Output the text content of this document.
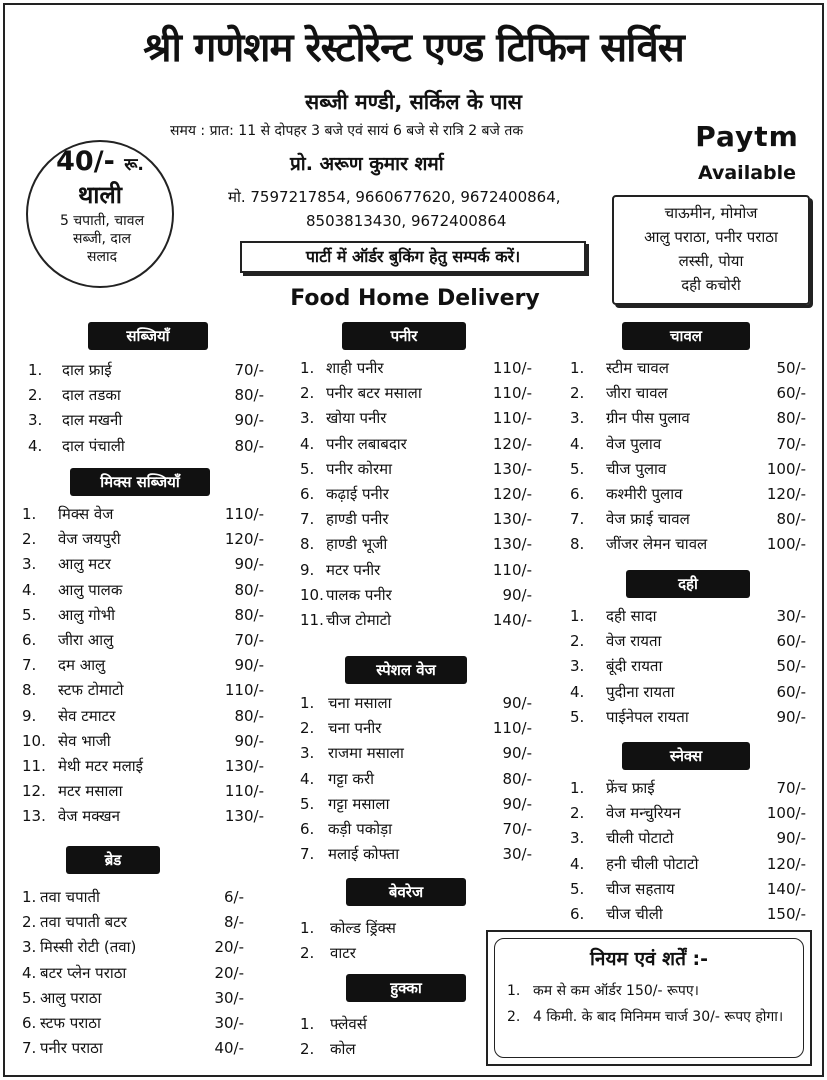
श्री गणेशम रेस्टोरेन्ट एण्ड टिफिन सर्विस
सब्जी मण्डी, सर्किल के पास
समय : प्रात: 11 से दोपहर 3 बजे एवं सायं 6 बजे से रात्रि 2 बजे तक	Paytm
Available
40/- रू.
थाली
5 चपाती, चावल
सब्जी, दाल
सलाद
प्रो. अरूण कुमार शर्मा
मो. 7597217854, 9660677620, 9672400864,
8503813430, 9672400864
पार्टी में ऑर्डर बुकिंग हेतु सम्पर्क करें।
चाऊमीन, मोमोज
आलु पराठा, पनीर पराठा
लस्सी, पोया
दही कचोरी
Food Home Delivery
सब्जियाँ
मिक्स सब्जियाँ
ब्रेड
पनीर
स्पेशल वेज
बेवरेज
हुक्का
चावल
दही
स्नेक्स
1. दाल फ्राई	70/-
2. दाल तडका	80/-
3. दाल मखनी	90/-
4. दाल पंचाली	80/-
1. मिक्स वेज	110/-
2. वेज जयपुरी	120/-
3. आलु मटर	90/-
4. आलु पालक	80/-
5. आलु गोभी	80/-
6. जीरा आलु	70/-
7. दम आलु	90/-
8. स्टफ टोमाटो	110/-
9. सेव टमाटर	80/-
10. सेव भाजी	90/-
11. मेथी मटर मलाई	130/-
12. मटर मसाला	110/-
13. वेज मक्खन	130/-
1. तवा चपाती	6/-
2. तवा चपाती बटर	8/-
3. मिस्सी रोटी (तवा)	20/-
4. बटर प्लेन पराठा	20/-
5. आलु पराठा	30/-
6. स्टफ पराठा	30/-
7. पनीर पराठा	40/-
1. शाही पनीर	110/-
2. पनीर बटर मसाला	110/-
3. खोया पनीर	110/-
4. पनीर लबाबदार	120/-
5. पनीर कोरमा	130/-
6. कढ़ाई पनीर	120/-
7. हाण्डी पनीर	130/-
8. हाण्डी भूजी	130/-
9. मटर पनीर	110/-
10. पालक पनीर	90/-
11. चीज टोमाटो	140/-
1. चना मसाला	90/-
2. चना पनीर	110/-
3. राजमा मसाला	90/-
4. गट्टा करी	80/-
5. गट्टा मसाला	90/-
6. कड़ी पकोड़ा	70/-
7. मलाई कोफ्ता	30/-
1. कोल्ड ड्रिंक्स
2. वाटर
1. फ्लेवर्स
2. कोल
1. स्टीम चावल	50/-
2. जीरा चावल	60/-
3. ग्रीन पीस पुलाव	80/-
4. वेज पुलाव	70/-
5. चीज पुलाव	100/-
6. कश्मीरी पुलाव	120/-
7. वेज फ्राई चावल	80/-
8. जींजर लेमन चावल	100/-
1. दही सादा	30/-
2. वेज रायता	60/-
3. बूंदी रायता	50/-
4. पुदीना रायता	60/-
5. पाईनेपल रायता	90/-
1. फ्रेंच फ्राई	70/-
2. वेज मन्चुरियन	100/-
3. चीली पोटाटो	90/-
4. हनी चीली पोटाटो	120/-
5. चीज सहताय	140/-
6. चीज चीली	150/-
नियम एवं शर्तें :-
1. कम से कम ऑर्डर 150/- रूपए।
2. 4 किमी. के बाद मिनिमम चार्ज 30/- रूपए होगा।
